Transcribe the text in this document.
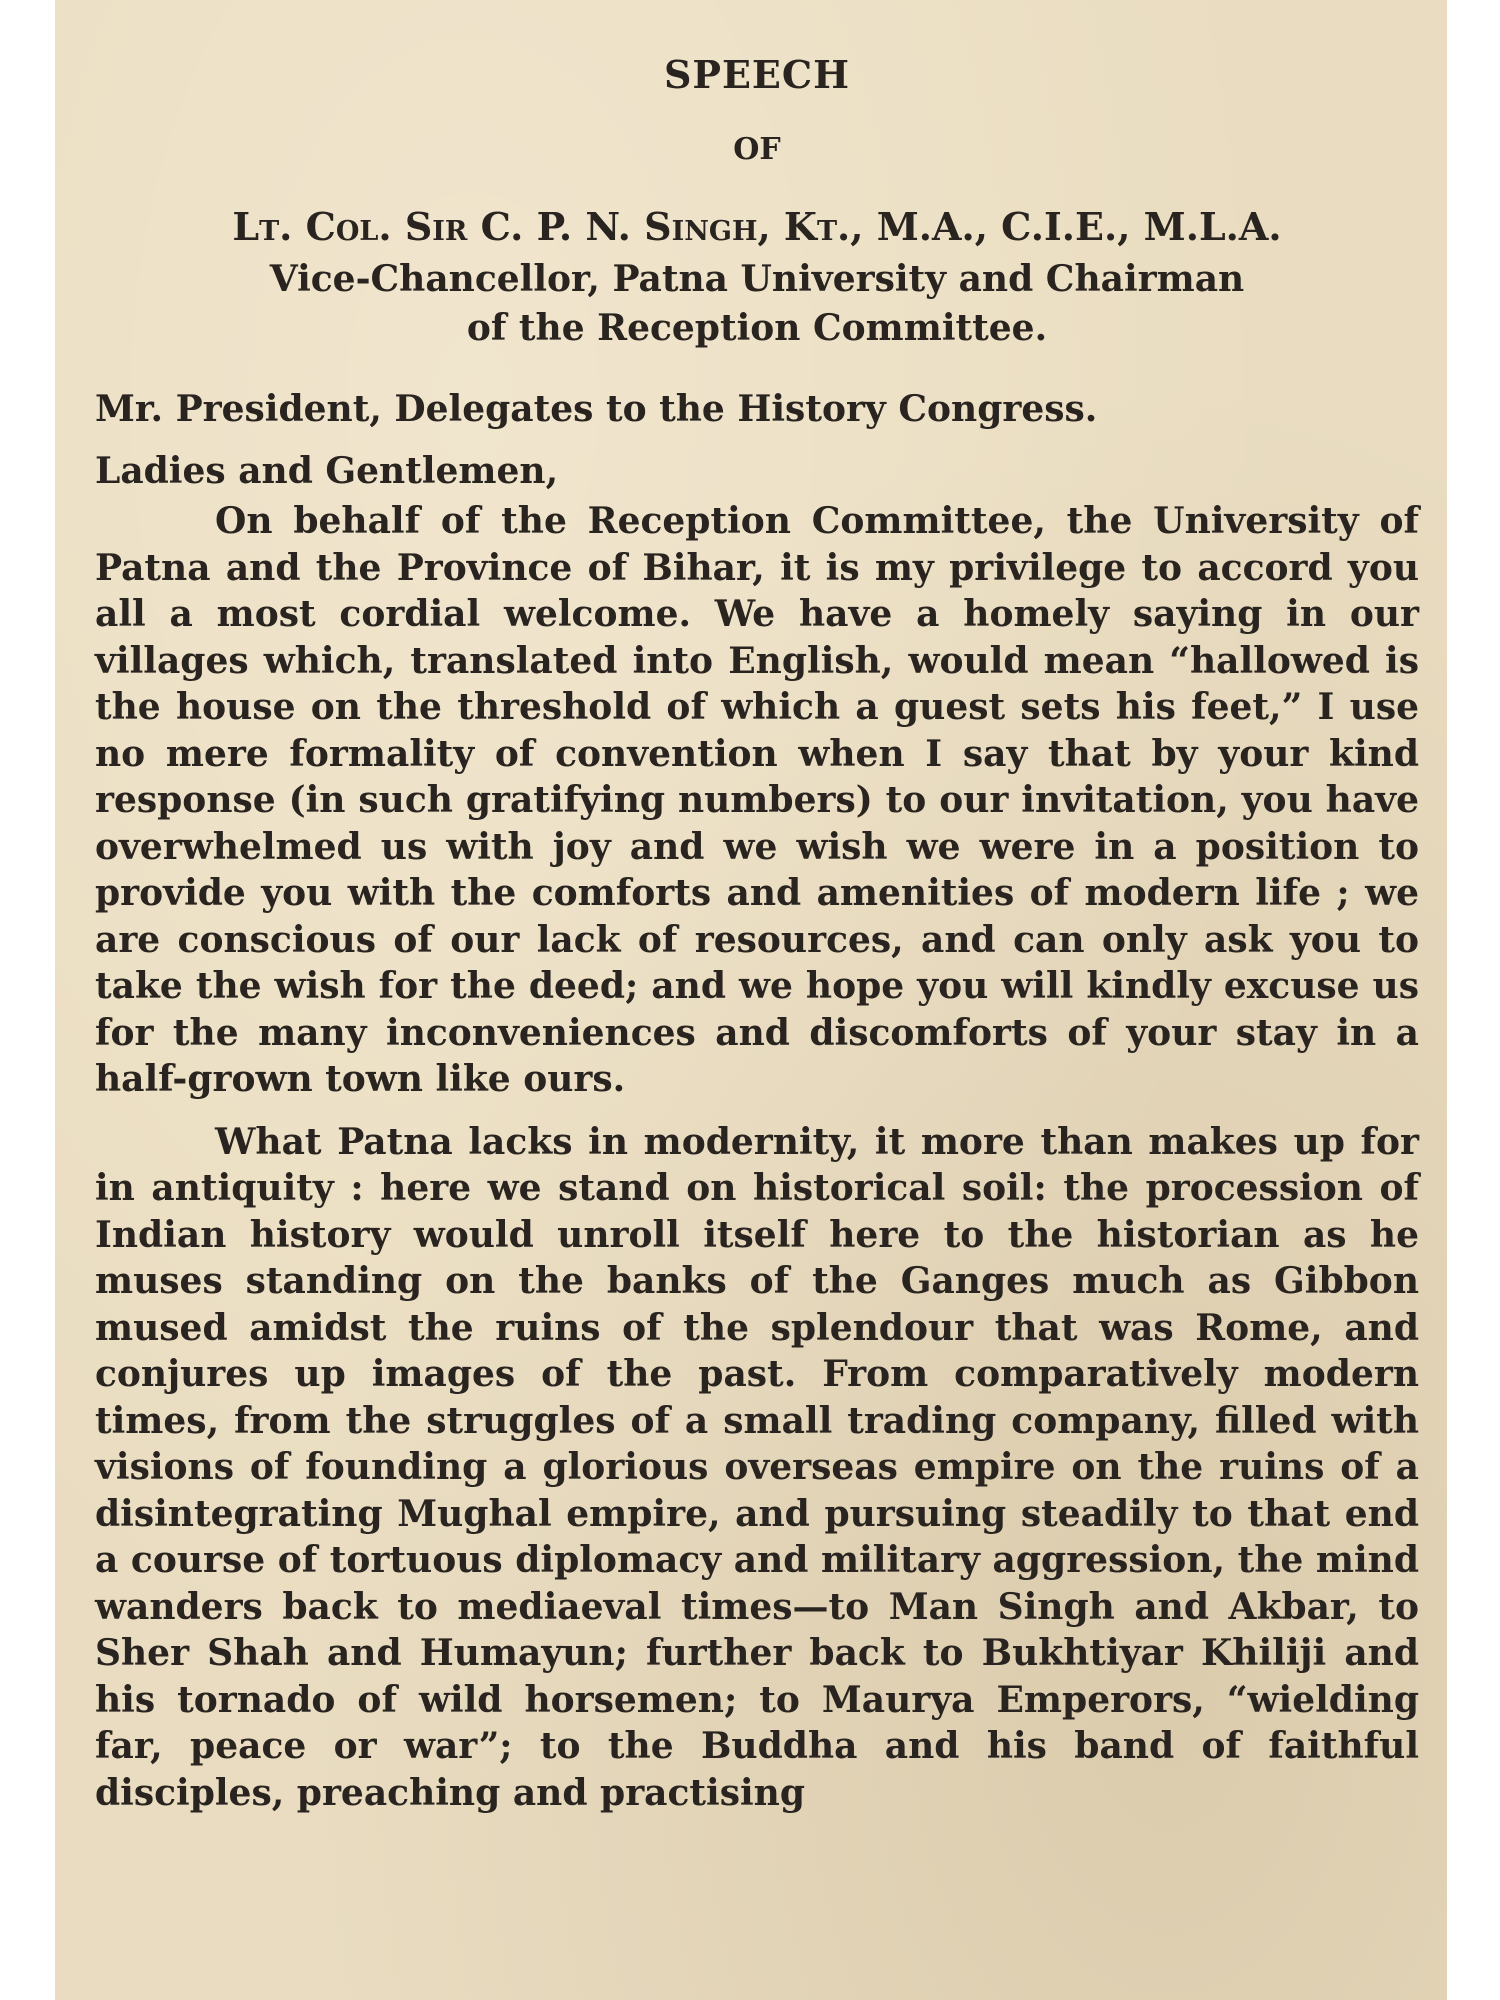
SPEECH

OF

Lt. Col. Sir C. P. N. Singh, Kt., M.A., C.I.E., M.L.A.

Vice-Chancellor, Patna University and Chairman

of the Reception Committee.

Mr. President, Delegates to the History Congress.

Ladies and Gentlemen,

On behalf of the Reception Committee, the University of Patna and the Province of Bihar, it is my privilege to accord you all a most cordial welcome. We have a homely saying in our villages which, translated into English, would mean “hallowed is the house on the threshold of which a guest sets his feet,” I use no mere formality of convention when I say that by your kind response (in such gratifying numbers) to our invitation, you have overwhelmed us with joy and we wish we were in a position to provide you with the comforts and amenities of modern life ; we are conscious of our lack of resources, and can only ask you to take the wish for the deed; and we hope you will kindly excuse us for the many inconveniences and discomforts of your stay in a half-grown town like ours.

What Patna lacks in modernity, it more than makes up for in antiquity : here we stand on historical soil: the procession of Indian history would unroll itself here to the historian as he muses standing on the banks of the Ganges much as Gibbon mused amidst the ruins of the splendour that was Rome, and conjures up images of the past. From comparatively modern times, from the struggles of a small trading company, filled with visions of founding a glorious overseas empire on the ruins of a disintegrating Mughal empire, and pursuing steadily to that end a course of tortuous diplomacy and military aggression, the mind wanders back to mediaeval times—to Man Singh and Akbar, to Sher Shah and Humayun; further back to Bukhtiyar Khiliji and his tornado of wild horsemen; to Maurya Emperors, “wielding far, peace or war”; to the Buddha and his band of faithful disciples, preaching and practising
